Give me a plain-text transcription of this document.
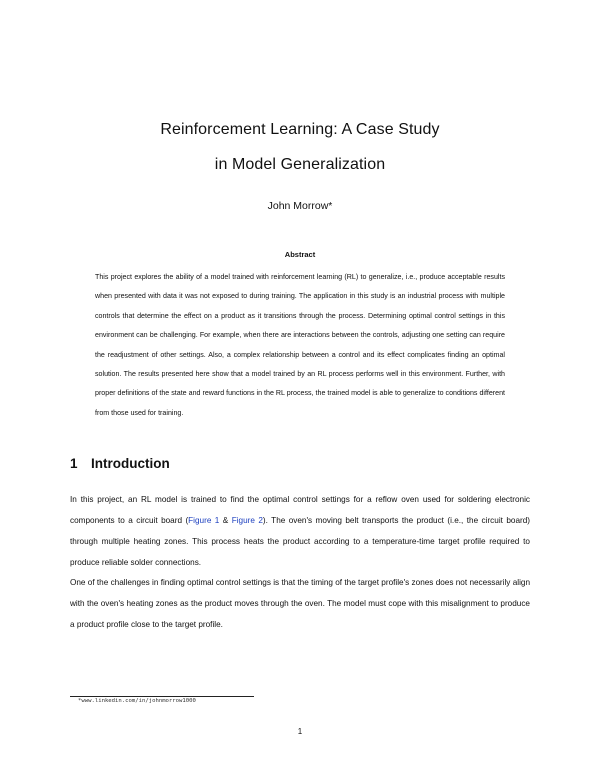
Reinforcement Learning: A Case Study
in Model Generalization
John Morrow*
Abstract
This project explores the ability of a model trained with reinforcement learning (RL) to generalize, i.e., produce acceptable results when presented with data it was not exposed to during training. The application in this study is an industrial process with multiple controls that determine the effect on a product as it transitions through the process. Determining optimal control settings in this environment can be challenging. For example, when there are interactions between the controls, adjusting one setting can require the readjustment of other settings. Also, a complex relationship between a control and its effect complicates finding an optimal solution. The results presented here show that a model trained by an RL process performs well in this environment. Further, with proper definitions of the state and reward functions in the RL process, the trained model is able to generalize to conditions different from those used for training.
1 Introduction
In this project, an RL model is trained to find the optimal control settings for a reflow oven used for soldering electronic components to a circuit board (Figure 1 & Figure 2). The oven's moving belt transports the product (i.e., the circuit board) through multiple heating zones. This process heats the product according to a temperature-time target profile required to produce reliable solder connections.
One of the challenges in finding optimal control settings is that the timing of the target profile's zones does not necessarily align with the oven's heating zones as the product moves through the oven. The model must cope with this misalignment to produce a product profile close to the target profile.
*www.linkedin.com/in/johnmorrow1000
1
